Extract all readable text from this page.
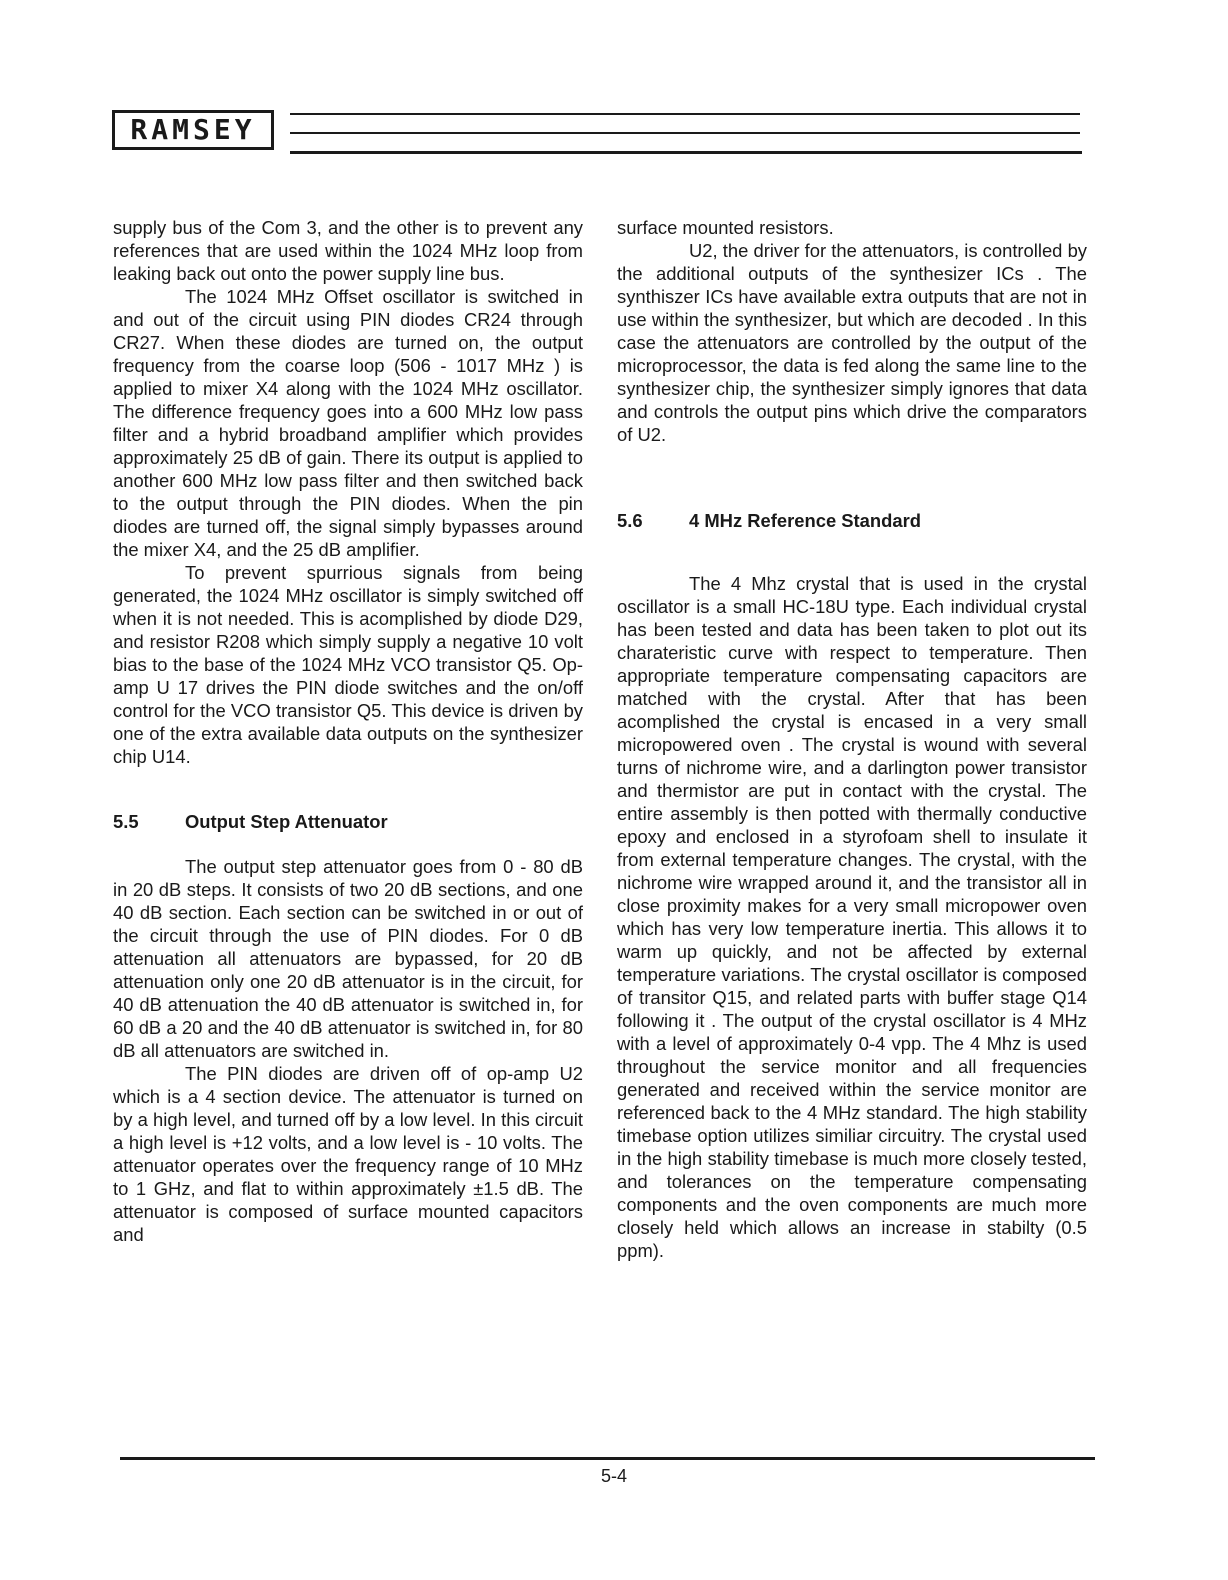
RAMSEY

supply bus of the Com 3, and the other is to prevent any references that are used within the 1024 MHz loop from leaking back out onto the power supply line bus.

The 1024 MHz Offset oscillator is switched in and out of the circuit using PIN diodes CR24 through CR27. When these diodes are turned on, the output frequency from the coarse loop (506 - 1017 MHz ) is applied to mixer X4 along with the 1024 MHz oscillator. The difference frequency goes into a 600 MHz low pass filter and a hybrid broadband amplifier which provides approximately 25 dB of gain. There its output is applied to another 600 MHz low pass filter and then switched back to the output through the PIN diodes. When the pin diodes are turned off, the signal simply bypasses around the mixer X4, and the 25 dB amplifier.

To prevent spurrious signals from being generated, the 1024 MHz oscillator is simply switched off when it is not needed. This is acomplished by diode D29, and resistor R208 which simply supply a negative 10 volt bias to the base of the 1024 MHz VCO transistor Q5. Op-amp U 17 drives the PIN diode switches and the on/off control for the VCO transistor Q5. This device is driven by one of the extra available data outputs on the synthesizer chip U14.

5.5	Output Step Attenuator

The output step attenuator goes from 0 - 80 dB in 20 dB steps. It consists of two 20 dB sections, and one 40 dB section. Each section can be switched in or out of the circuit through the use of PIN diodes. For 0 dB attenuation all attenuators are bypassed, for 20 dB attenuation only one 20 dB attenuator is in the circuit, for 40 dB attenuation the 40 dB attenuator is switched in, for 60 dB a 20 and the 40 dB attenuator is switched in, for 80 dB all attenuators are switched in.

The PIN diodes are driven off of op-amp U2 which is a 4 section device. The attenuator is turned on by a high level, and turned off by a low level. In this circuit a high level is +12 volts, and a low level is - 10 volts. The attenuator operates over the frequency range of 10 MHz to 1 GHz, and flat to within approximately ±1.5 dB. The attenuator is composed of surface mounted capacitors and

surface mounted resistors.

U2, the driver for the attenuators, is controlled by the additional outputs of the synthesizer ICs . The synthiszer ICs have available extra outputs that are not in use within the synthesizer, but which are decoded . In this case the attenuators are controlled by the output of the microprocessor, the data is fed along the same line to the synthesizer chip, the synthesizer simply ignores that data and controls the output pins which drive the comparators of U2.

5.6	4 MHz Reference Standard

The 4 Mhz crystal that is used in the crystal oscillator is a small HC-18U type. Each individual crystal has been tested and data has been taken to plot out its charateristic curve with respect to temperature. Then appropriate temperature compensating capacitors are matched with the crystal. After that has been acomplished the crystal is encased in a very small micropowered oven . The crystal is wound with several turns of nichrome wire, and a darlington power transistor and thermistor are put in contact with the crystal. The entire assembly is then potted with thermally conductive epoxy and enclosed in a styrofoam shell to insulate it from external temperature changes. The crystal, with the nichrome wire wrapped around it, and the transistor all in close proximity makes for a very small micropower oven which has very low temperature inertia. This allows it to warm up quickly, and not be affected by external temperature variations. The crystal oscillator is composed of transitor Q15, and related parts with buffer stage Q14 following it . The output of the crystal oscillator is 4 MHz with a level of approximately 0-4 vpp. The 4 Mhz is used throughout the service monitor and all frequencies generated and received within the service monitor are referenced back to the 4 MHz standard. The high stability timebase option utilizes similiar circuitry. The crystal used in the high stability timebase is much more closely tested, and tolerances on the temperature compensating components and the oven components are much more closely held which allows an increase in stabilty (0.5 ppm).

5-4
